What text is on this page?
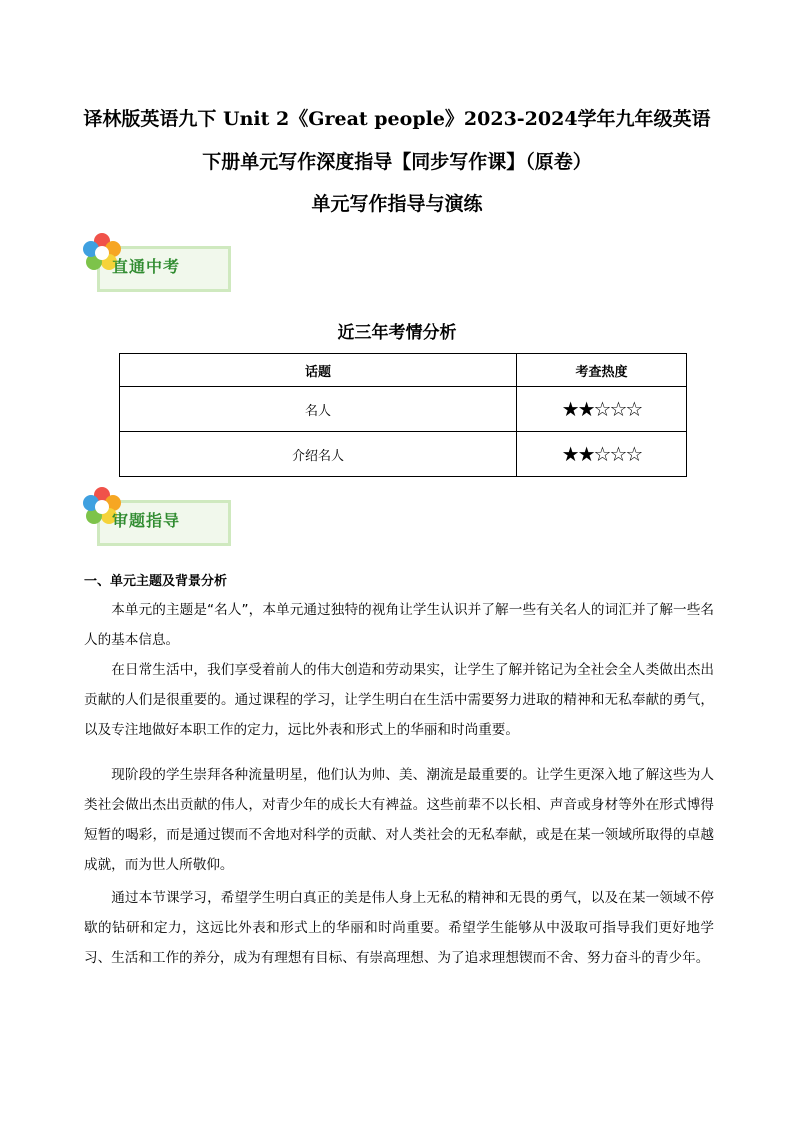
译林版英语九下 Unit 2《Great people》2023-2024学年九年级英语
下册单元写作深度指导【同步写作课】（原卷）
单元写作指导与演练
直通中考
近三年考情分析
话题	考查热度
名人	★★☆☆☆
介绍名人	★★☆☆☆
审题指导
一、单元主题及背景分析
本单元的主题是“名人”，本单元通过独特的视角让学生认识并了解一些有关名人的词汇并了解一些名人的基本信息。
在日常生活中，我们享受着前人的伟大创造和劳动果实，让学生了解并铭记为全社会全人类做出杰出贡献的人们是很重要的。通过课程的学习，让学生明白在生活中需要努力进取的精神和无私奉献的勇气，以及专注地做好本职工作的定力，远比外表和形式上的华丽和时尚重要。
现阶段的学生崇拜各种流量明星，他们认为帅、美、潮流是最重要的。让学生更深入地了解这些为人类社会做出杰出贡献的伟人，对青少年的成长大有裨益。这些前辈不以长相、声音或身材等外在形式博得短暂的喝彩，而是通过锲而不舍地对科学的贡献、对人类社会的无私奉献，或是在某一领域所取得的卓越成就，而为世人所敬仰。
通过本节课学习，希望学生明白真正的美是伟人身上无私的精神和无畏的勇气，以及在某一领域不停歇的钻研和定力，这远比外表和形式上的华丽和时尚重要。希望学生能够从中汲取可指导我们更好地学习、生活和工作的养分，成为有理想有目标、有崇高理想、为了追求理想锲而不舍、努力奋斗的青少年。
